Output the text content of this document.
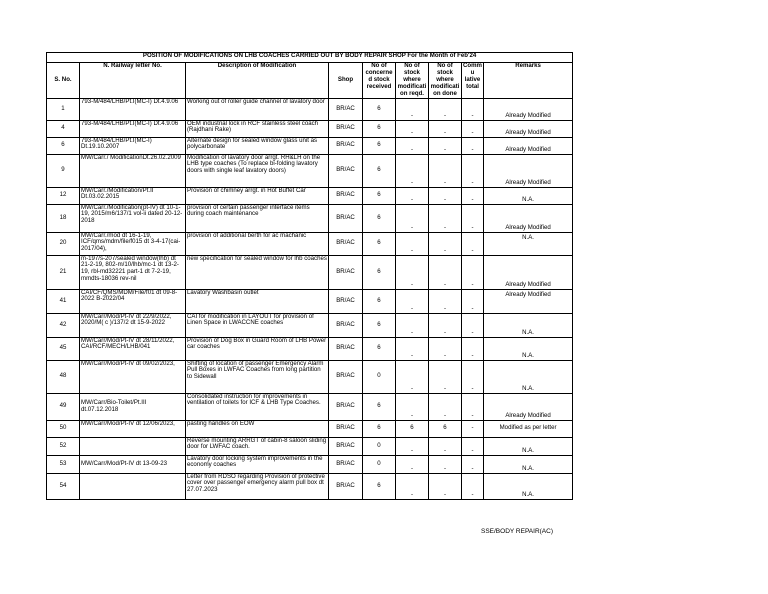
POSITION OF MODIFICATIONS ON LHB COACHES CARRIED OUT BY BODY REPAIR SHOP For the Month of Feb'24								
S. No.	N. Railway letter No.	Description of Modification	Shop	No of concerned stock received	No of stock where modification reqd.	No of stock where modification done	Commu lative total	Remarks
1	793-M/484/LHB/Pt.I(MC-I) Dt.4.9.06	Working out of roller guide channel of lavatory door	BR/AC	6	-	-	-	Already Modified
4	793-M/484/LHB/Pt.I(MC-I) Dt.4.9.06	OEM industrial lock in RCF stainless steel coach (Rajdhani Rake)	BR/AC	6	-	-	-	Already Modified
6	793-M/484/LHB/Pt.I(MC-I) Dt.19.10.2007	Alternate design for sealed window glass unit as polycarbonate	BR/AC	6	-	-	-	Already Modified
9	MW/Carr./ ModificationDt.26.02.2009	Modification of lavatory door arrgt. RH&LH on the LHB type coaches (To replace bi-folding lavatory doors with single leaf lavatory doors)	BR/AC	6	-	-	-	Already Modified
12	MW/Carr./Modification/Pt.II Dt.03.02.2015	Provision of chimney arrgt. in Hot Buffet Car	BR/AC	6	-	-	-	N.A.
18	MW/Carr./Modification(pt-IV) dt 10-1-19, 2015/m6/137/1 vol-ii dated 20-12-2018	provision of certain passenger interface items during coach maintenance	BR/AC	6	-	-	-	Already Modified
20	MW/Carr./mod dt 16-1-19, ICF/qms/mdm/file/f015 dt 3-4-17(cai-2017/04),	provision of additional berth for ac machanic	BR/AC	6	-	-	-	N.A.
21	m-197/s-207/sealed window(lhb) dt 21-2-19, 802-m/10/lhb/mc-1 dt 13-2-19, rbl-md32221 part-1 dt 7-2-19, mmdts-18036 rev-nil	new specification for sealed window for lhb coaches	BR/AC	6	-	-	-	Already Modified
41	CAI/CF/QMS/MDM/File/f01 dt 09-8-2022 B-2022/04	Lavatory Washbasin outlet	BR/AC	6	-	-	-	Already Modified
42	MW/Carr/Mod/Pt-IV dt 22/9/2022, 2020/M( c )/137/2 dt 15-9-2022	CAI for modification in LAYOUT for provision of Linen Space in LWACCNE coaches	BR/AC	6	-	-	-	N.A.
45	MW/Carr/Mod/Pt-IV dt 28/11/2022, CAI/RCF/MECH/LHB/041	Provision of Dog Box in Guard Room of LHB Power car coaches	BR/AC	6	-	-	-	N.A.
48	MW/Carr/Mod/Pt-IV dt 09/02/2023,	Shifting of location of passenger Emergency Alarm Pull Boxes in LWFAC Coaches from long partition to Sidewall	BR/AC	0	-	-	-	N.A.
49	MW/Carr/Bio-Toilet/Pt.III dt.07.12.2018	Consolidated instruction for improvements in ventilation of toilets for ICF & LHB Type Coaches.	BR/AC	6	-	-	-	Already Modified
50	MW/Carr/Mod/Pt-IV dt 12/06/2023,	pasting handles on EOW	BR/AC	6	6	6	-	Modified as per letter
52		Reverse mounting ARRGT of cabin-8 saloon sliding door for LWFAC coach.	BR/AC	0	-	-	-	N.A.
53	MW/Carr/Mod/Pt-IV dt 13-09-23	Lavatory door locking system improvements in the economy coaches	BR/AC	0	-	-	-	N.A.
54		Letter from RDSO regarding Provision of protective cover over passenger emergency alarm pull box dt 27.07.2023	BR/AC	6	-	-	-	N.A.
SSE/BODY REPAIR(AC)
